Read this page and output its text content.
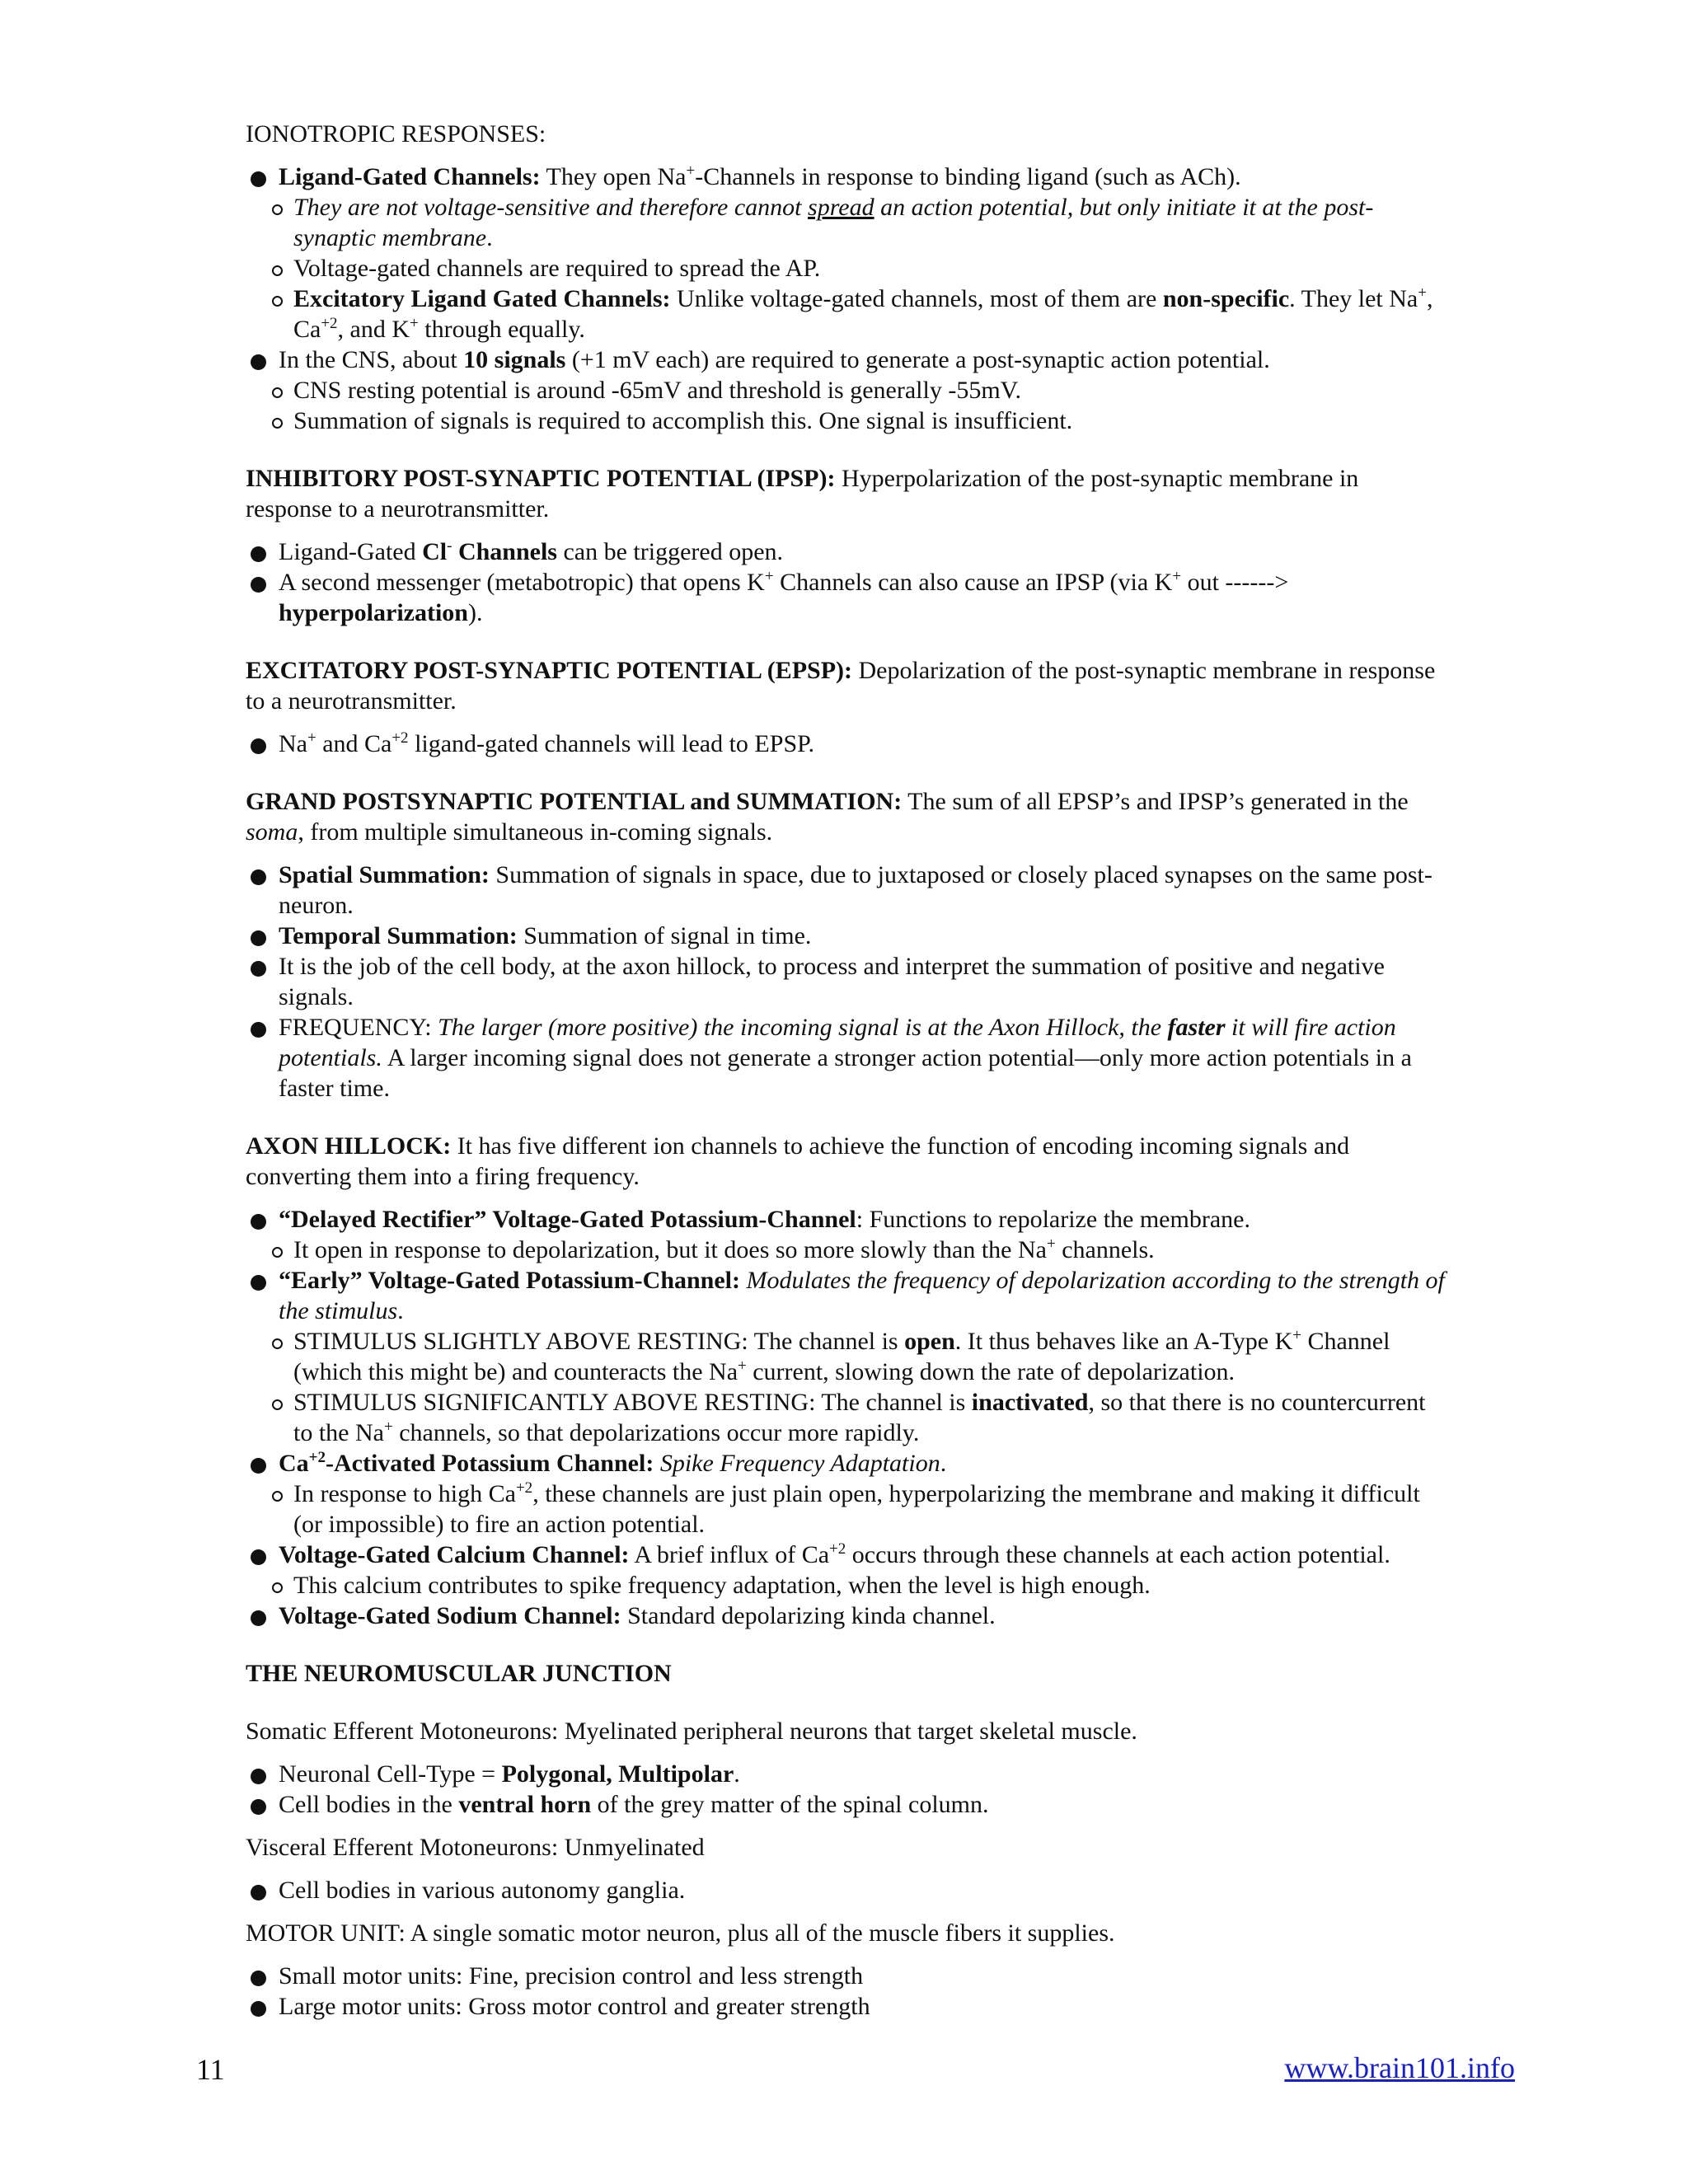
IONOTROPIC RESPONSES:

Ligand-Gated Channels: They open Na+-Channels in response to binding ligand (such as ACh).
They are not voltage-sensitive and therefore cannot spread an action potential, but only initiate it at the post-synaptic membrane.
Voltage-gated channels are required to spread the AP.
Excitatory Ligand Gated Channels: Unlike voltage-gated channels, most of them are non-specific. They let Na+, $Ca^{+2}$, and K+ through equally.
In the CNS, about 10 signals (+1 mV each) are required to generate a post-synaptic action potential.
CNS resting potential is around -65mV and threshold is generally -55mV.
Summation of signals is required to accomplish this. One signal is insufficient.

INHIBITORY POST-SYNAPTIC POTENTIAL (IPSP): Hyperpolarization of the post-synaptic membrane in response to a neurotransmitter.

Ligand-Gated Cl- Channels can be triggered open.
A second messenger (metabotropic) that opens K+ Channels can also cause an IPSP (via K+ out ------> hyperpolarization).

EXCITATORY POST-SYNAPTIC POTENTIAL (EPSP): Depolarization of the post-synaptic membrane in response to a neurotransmitter.

Na+ and $Ca^{+2}$ ligand-gated channels will lead to EPSP.

GRAND POSTSYNAPTIC POTENTIAL and SUMMATION: The sum of all EPSP’s and IPSP’s generated in the soma, from multiple simultaneous in-coming signals.

Spatial Summation: Summation of signals in space, due to juxtaposed or closely placed synapses on the same post-neuron.
Temporal Summation: Summation of signal in time.
It is the job of the cell body, at the axon hillock, to process and interpret the summation of positive and negative signals.
FREQUENCY: The larger (more positive) the incoming signal is at the Axon Hillock, the faster it will fire action potentials. A larger incoming signal does not generate a stronger action potential—only more action potentials in a faster time.

AXON HILLOCK: It has five different ion channels to achieve the function of encoding incoming signals and converting them into a firing frequency.

“Delayed Rectifier” Voltage-Gated Potassium-Channel: Functions to repolarize the membrane.
It open in response to depolarization, but it does so more slowly than the Na+ channels.
“Early” Voltage-Gated Potassium-Channel: Modulates the frequency of depolarization according to the strength of the stimulus.
STIMULUS SLIGHTLY ABOVE RESTING: The channel is open. It thus behaves like an A-Type K+ Channel (which this might be) and counteracts the Na+ current, slowing down the rate of depolarization.
STIMULUS SIGNIFICANTLY ABOVE RESTING: The channel is inactivated, so that there is no countercurrent to the Na+ channels, so that depolarizations occur more rapidly.
$Ca^{+2}$-Activated Potassium Channel: Spike Frequency Adaptation.
In response to high $Ca^{+2}$, these channels are just plain open, hyperpolarizing the membrane and making it difficult (or impossible) to fire an action potential.
Voltage-Gated Calcium Channel: A brief influx of $Ca^{+2}$ occurs through these channels at each action potential.
This calcium contributes to spike frequency adaptation, when the level is high enough.
Voltage-Gated Sodium Channel: Standard depolarizing kinda channel.

THE NEUROMUSCULAR JUNCTION

Somatic Efferent Motoneurons: Myelinated peripheral neurons that target skeletal muscle.

Neuronal Cell-Type = Polygonal, Multipolar.
Cell bodies in the ventral horn of the grey matter of the spinal column.

Visceral Efferent Motoneurons: Unmyelinated

Cell bodies in various autonomy ganglia.

MOTOR UNIT: A single somatic motor neuron, plus all of the muscle fibers it supplies.

Small motor units: Fine, precision control and less strength
Large motor units: Gross motor control and greater strength
11	www.brain101.info
